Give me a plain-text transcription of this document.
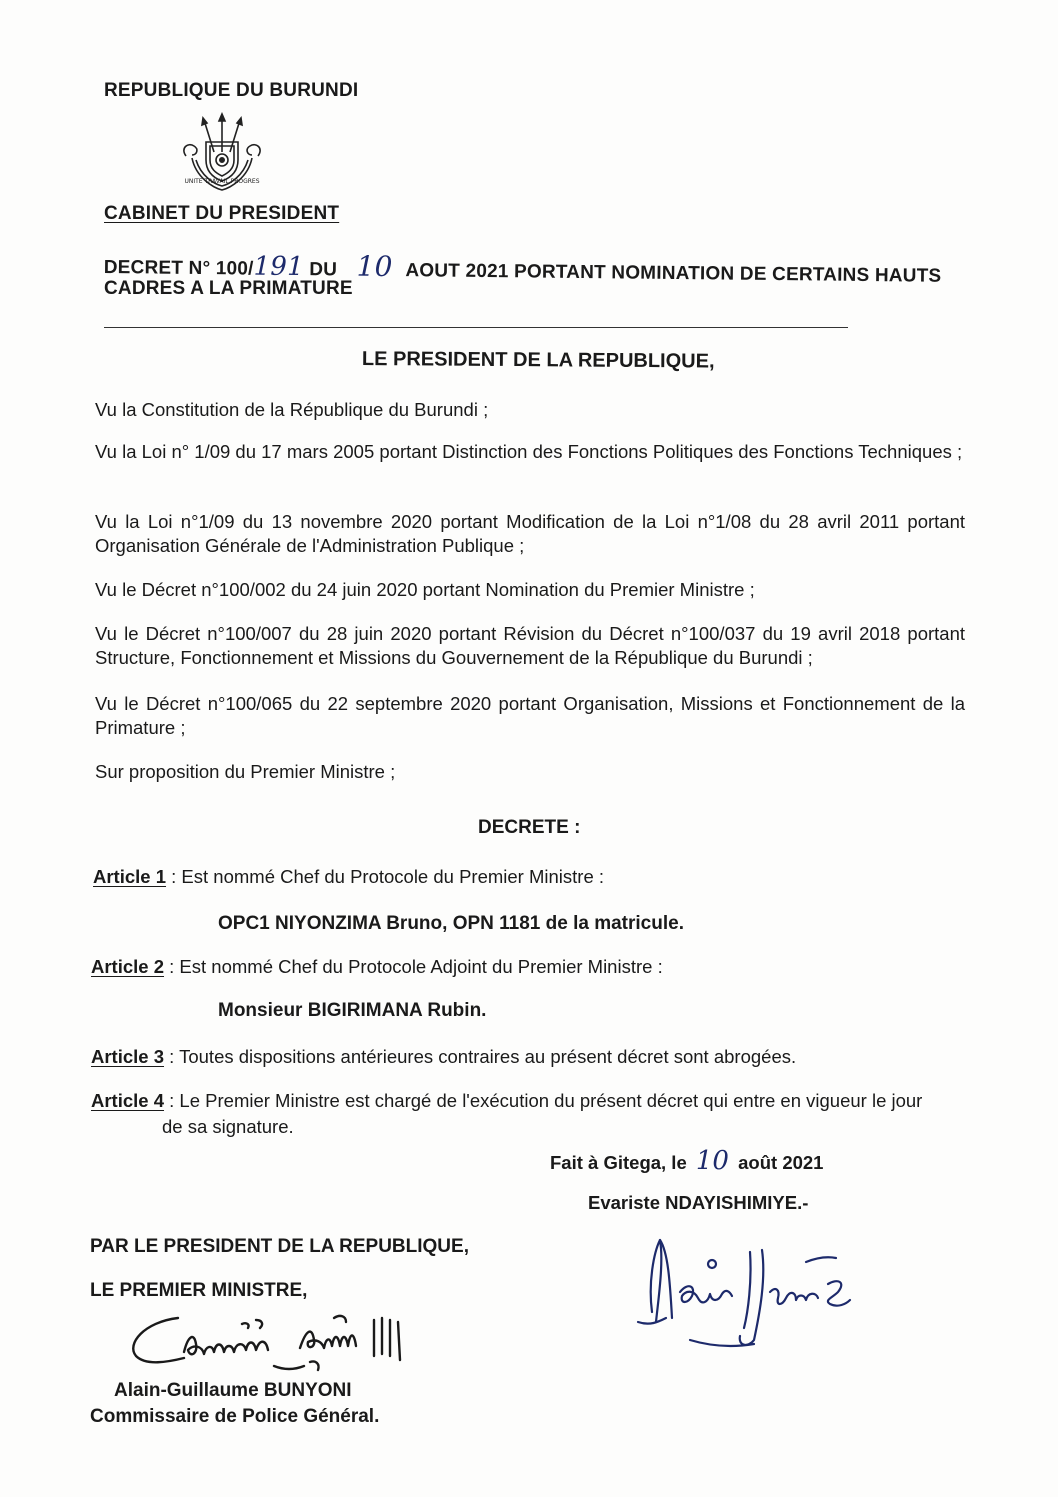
REPUBLIQUE DU BURUNDI
UNITE TRAVAIL PROGRES
CABINET DU PRESIDENT
DECRET N° 100/191 DU 10 AOUT 2021 PORTANT NOMINATION DE CERTAINS HAUTS
CADRES A LA PRIMATURE
LE PRESIDENT DE LA REPUBLIQUE,
Vu la Constitution de la République du Burundi ;
Vu la Loi n° 1/09 du 17 mars 2005 portant Distinction des Fonctions Politiques des Fonctions Techniques ;
Vu la Loi n°1/09 du 13 novembre 2020 portant Modification de la Loi n°1/08 du 28 avril 2011 portant Organisation Générale de l'Administration Publique ;
Vu le Décret n°100/002 du 24 juin 2020 portant Nomination du Premier Ministre ;
Vu le Décret n°100/007 du 28 juin 2020 portant Révision du Décret n°100/037 du 19 avril 2018 portant Structure, Fonctionnement et Missions du Gouvernement de la République du Burundi ;
Vu le Décret n°100/065 du 22 septembre 2020 portant Organisation, Missions et Fonctionnement de la Primature ;
Sur proposition du Premier Ministre ;
DECRETE :
Article 1 : Est nommé Chef du Protocole du Premier Ministre :
OPC1 NIYONZIMA Bruno, OPN 1181 de la matricule.
Article 2 : Est nommé Chef du Protocole Adjoint du Premier Ministre :
Monsieur BIGIRIMANA Rubin.
Article 3 : Toutes dispositions antérieures contraires au présent décret sont abrogées.
Article 4 : Le Premier Ministre est chargé de l'exécution du présent décret qui entre en vigueur le jour
de sa signature.
Fait à Gitega, le 10 août 2021
Evariste NDAYISHIMIYE.-
PAR LE PRESIDENT DE LA REPUBLIQUE,
LE PREMIER MINISTRE,
Alain-Guillaume BUNYONI
Commissaire de Police Général.
